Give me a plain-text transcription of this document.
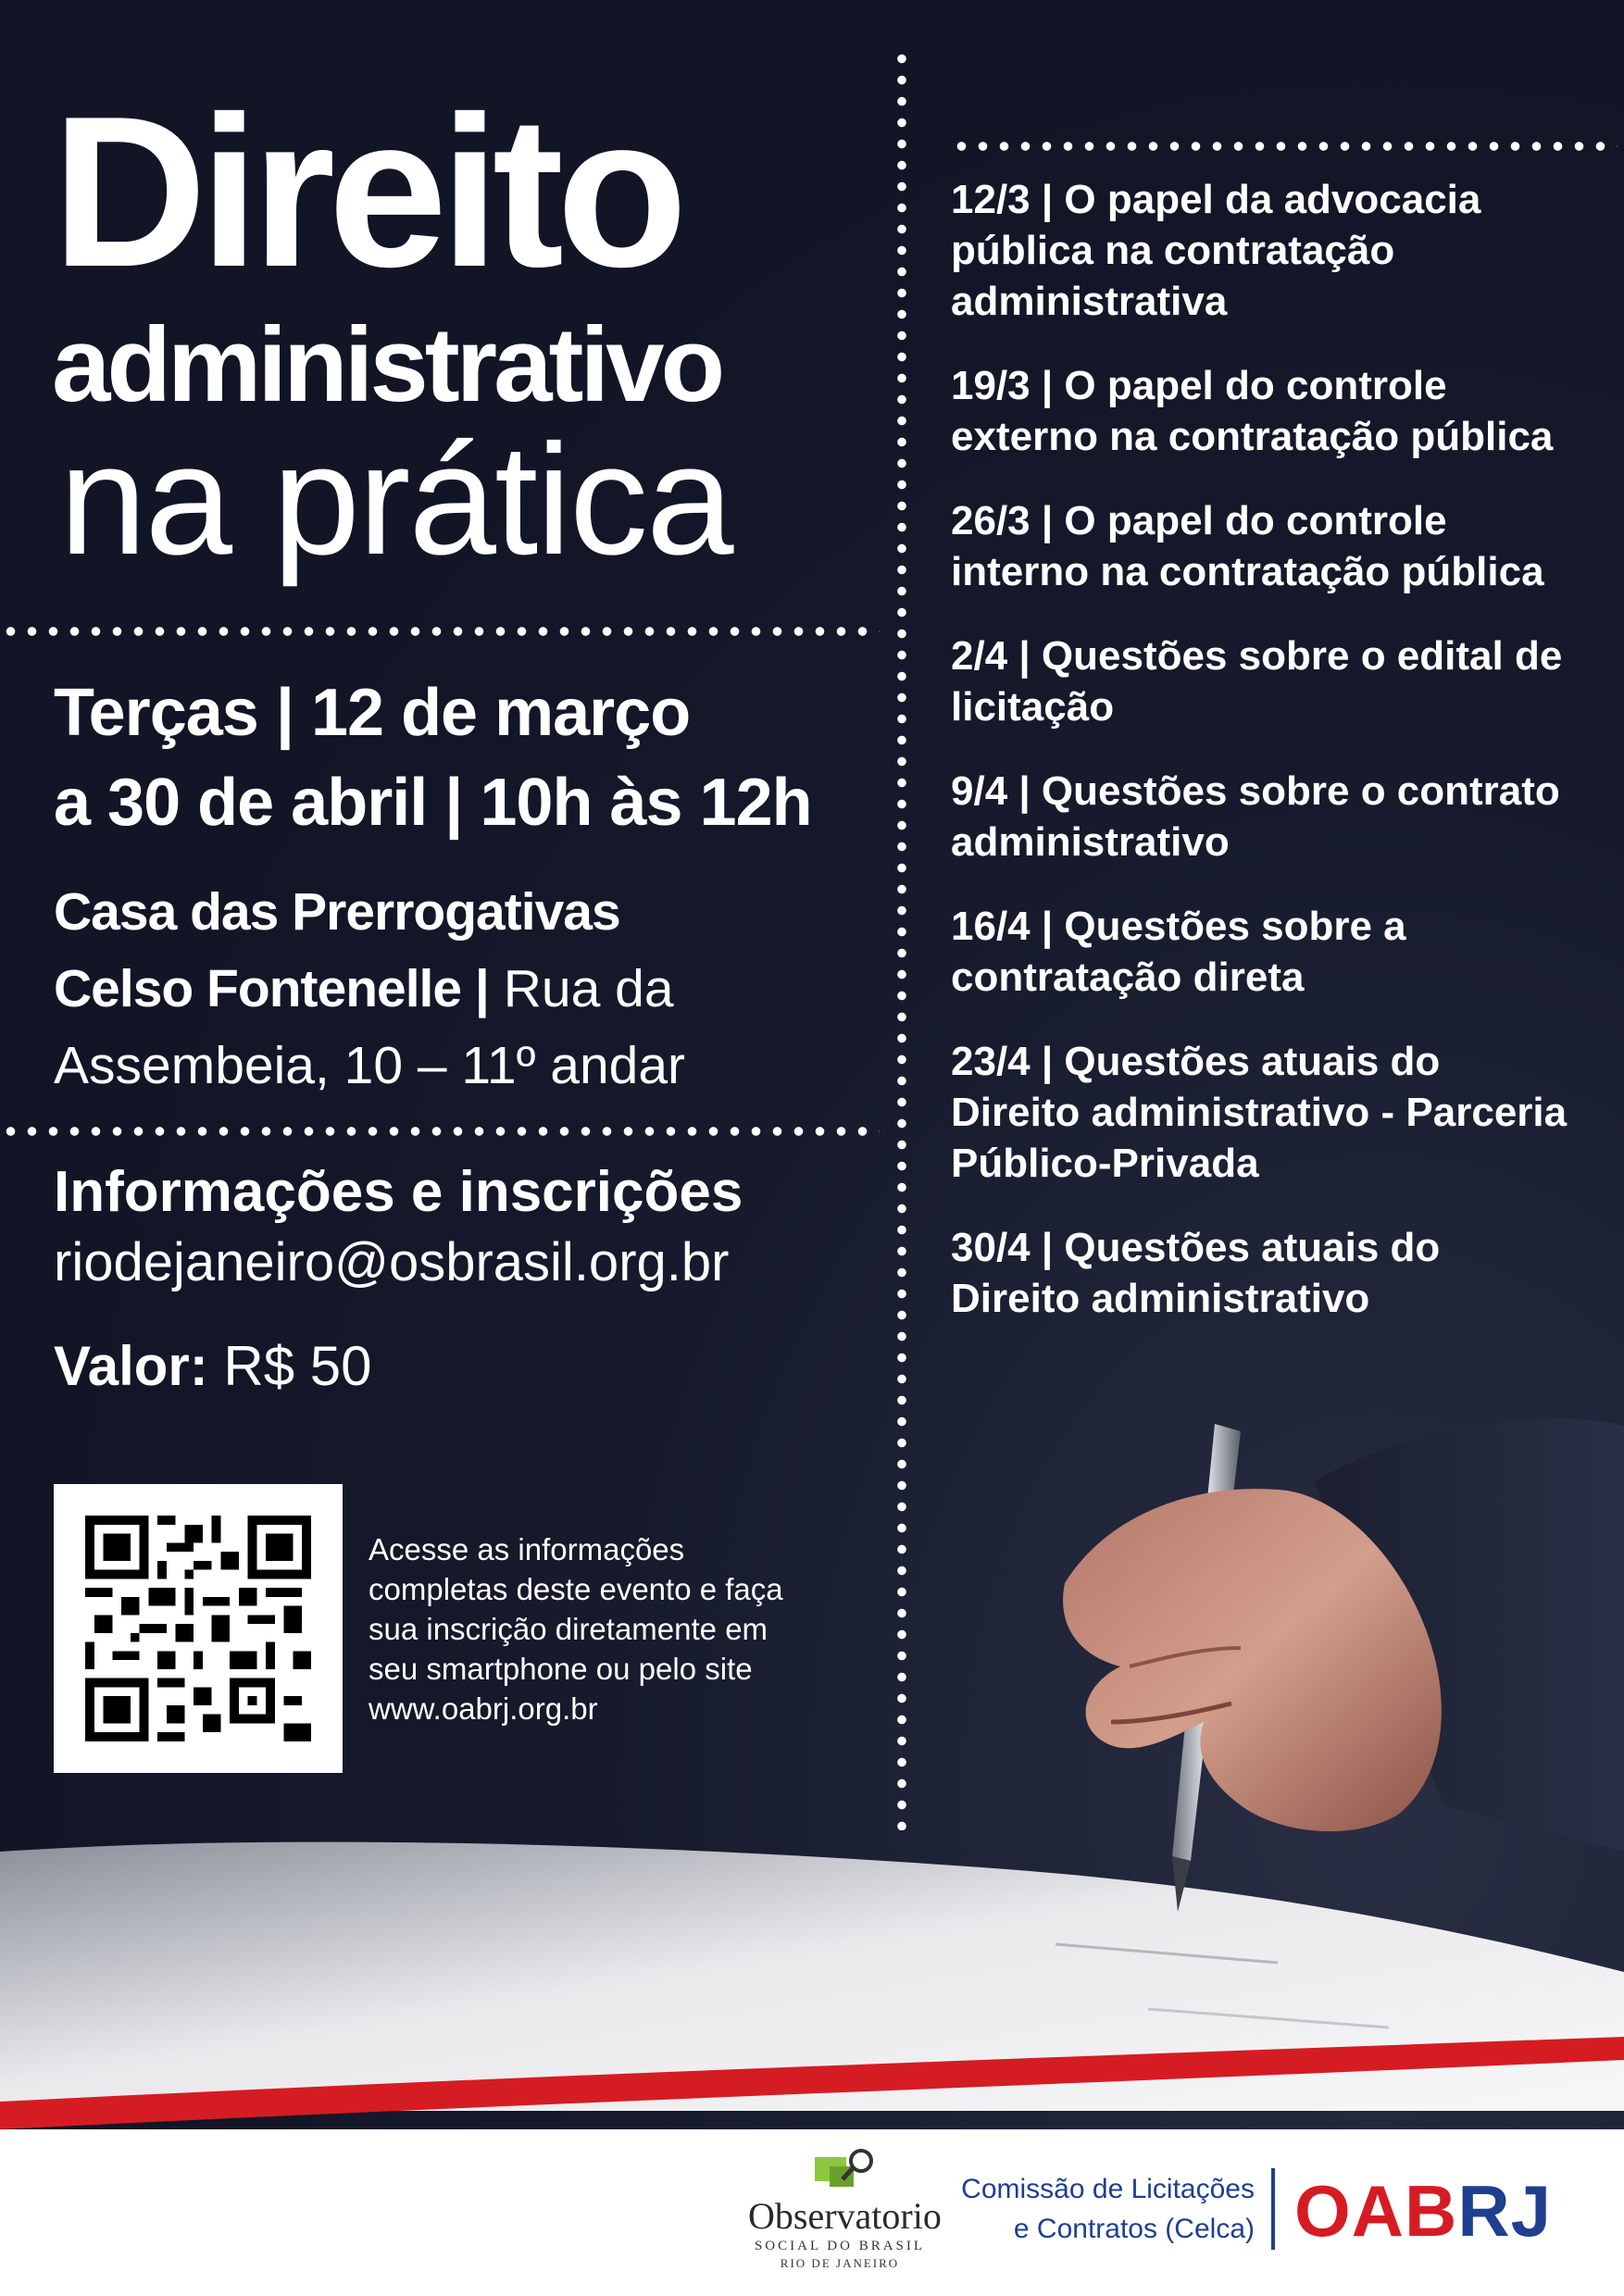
Direito
administrativo
na prática
Terças | 12 de março
a 30 de abril | 10h às 12h
Casa das Prerrogativas
Celso Fontenelle | Rua da
Assembeia, 10 – 11º andar
Informações e inscrições
riodejaneiro@osbrasil.org.br
Valor: R$ 50
Acesse as informações
completas deste evento e faça
sua inscrição diretamente em
seu smartphone ou pelo site
www.oabrj.org.br
12/3 | O papel da advocacia
pública na contratação
administrativa
19/3 | O papel do controle
externo na contratação pública
26/3 | O papel do controle
interno na contratação pública
2/4 | Questões sobre o edital de
licitação
9/4 | Questões sobre o contrato
administrativo
16/4 | Questões sobre a
contratação direta
23/4 | Questões atuais do
Direito administrativo - Parceria
Público-Privada
30/4 | Questões atuais do
Direito administrativo
Observatorio
SOCIAL DO BRASIL
RIO DE JANEIRO
Comissão de Licitações
e Contratos (Celca) OABRJ
